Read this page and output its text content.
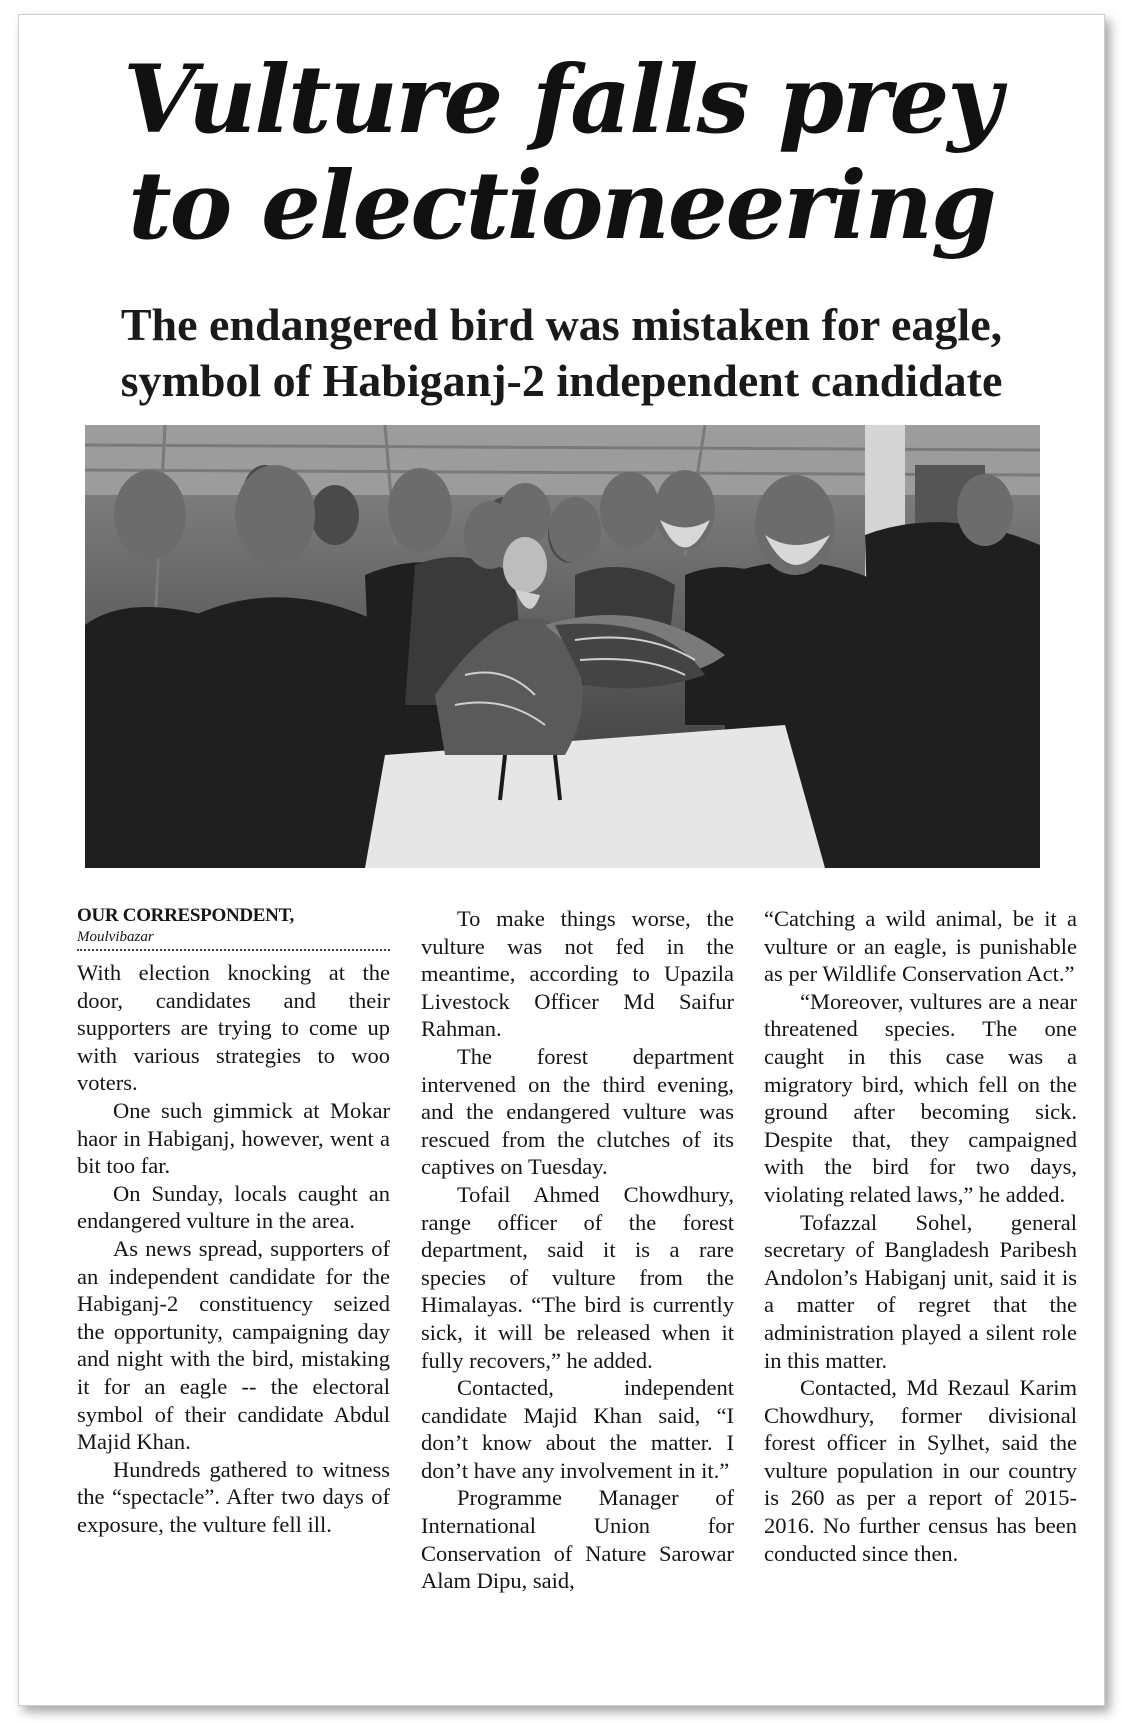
Vulture falls prey
to electioneering
The endangered bird was mistaken for eagle,
symbol of Habiganj-2 independent candidate
OUR CORRESPONDENT,
Moulvibazar

With election knocking at the door, candidates and their supporters are trying to come up with various strategies to woo voters.

One such gimmick at Mokar haor in Habiganj, however, went a bit too far.

On Sunday, locals caught an endangered vulture in the area.

As news spread, supporters of an independent candidate for the Habiganj-2 constituency seized the opportunity, campaigning day and night with the bird, mistaking it for an eagle -- the electoral symbol of their candidate Abdul Majid Khan.

Hundreds gathered to witness the “spectacle”. After two days of exposure, the vulture fell ill.

To make things worse, the vulture was not fed in the meantime, according to Upazila Livestock Officer Md Saifur Rahman.

The forest department intervened on the third evening, and the endangered vulture was rescued from the clutches of its captives on Tuesday.

Tofail Ahmed Chowdhury, range officer of the forest department, said it is a rare species of vulture from the Himalayas. “The bird is currently sick, it will be released when it fully recovers,” he added.

Contacted, independent candidate Majid Khan said, “I don’t know about the matter. I don’t have any involvement in it.”

Programme Manager of International Union for Conservation of Nature Sarowar Alam Dipu, said,

“Catching a wild animal, be it a vulture or an eagle, is punishable as per Wildlife Conservation Act.”

“Moreover, vultures are a near threatened species. The one caught in this case was a migratory bird, which fell on the ground after becoming sick. Despite that, they campaigned with the bird for two days, violating related laws,” he added.

Tofazzal Sohel, general secretary of Bangladesh Paribesh Andolon’s Habiganj unit, said it is a matter of regret that the administration played a silent role in this matter.

Contacted, Md Rezaul Karim Chowdhury, former divisional forest officer in Sylhet, said the vulture population in our country is 260 as per a report of 2015-2016. No further census has been conducted since then.
